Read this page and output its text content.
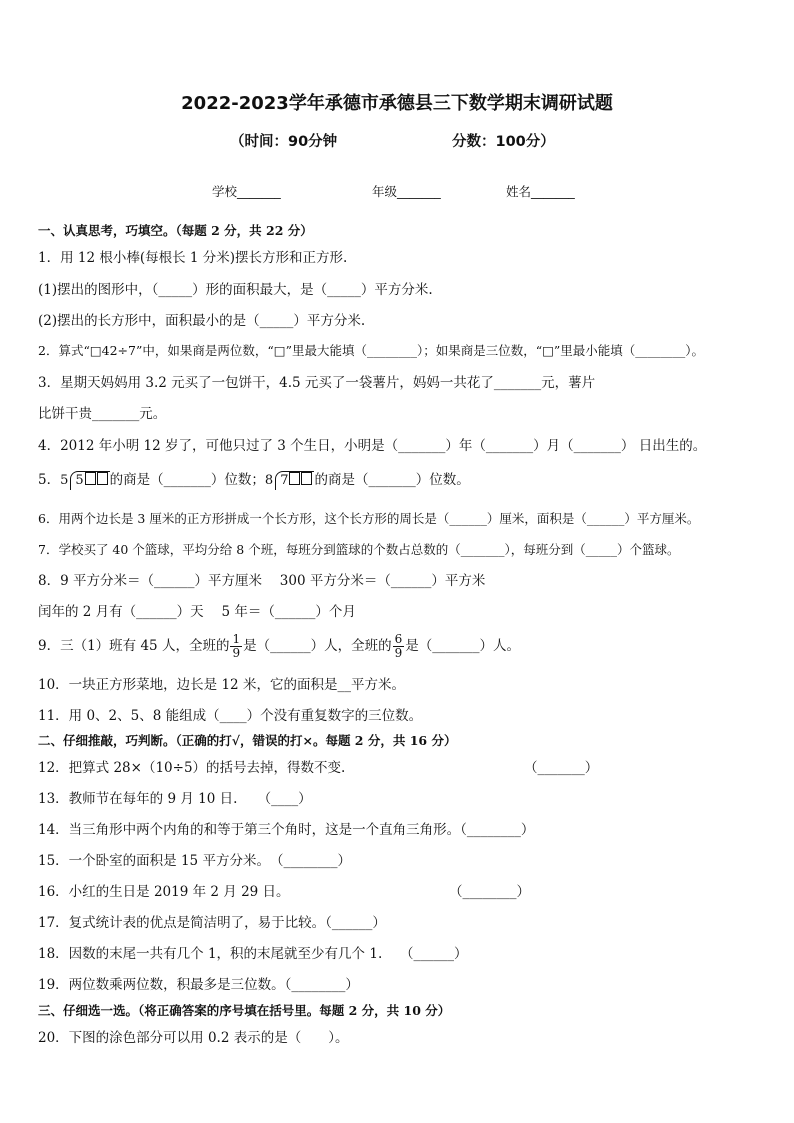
2022-2023学年承德市承德县三下数学期末调研试题
（时间：90分钟	分数：100分）
学校_______	年级_______	姓名_______
一、认真思考，巧填空。（每题 2 分，共 22 分）
1．用 12 根小棒(每根长 1 分米)摆长方形和正方形.
(1)摆出的图形中，（_____）形的面积最大，是（_____）平方分米.
(2)摆出的长方形中，面积最小的是（_____）平方分米.
2．算式“□42÷7”中，如果商是两位数，“□”里最大能填（________）；如果商是三位数，“□”里最小能填（________）。
3．星期天妈妈用 3.2 元买了一包饼干，4.5 元买了一袋薯片，妈妈一共花了_______元，薯片
比饼干贵_______元。
4．2012 年小明 12 岁了，可他只过了 3 个生日，小明是（_______）年（_______）月（_______） 日出生的。
5．5 5 的商是（_______）位数；8 7 的商是（_______）位数。
6．用两个边长是 3 厘米的正方形拼成一个长方形，这个长方形的周长是（______）厘米，面积是（______）平方厘米。
7．学校买了 40 个篮球，平均分给 8 个班，每班分到篮球的个数占总数的（_______），每班分到（_____）个篮球。
8．9 平方分米＝（______）平方厘米　 300 平方分米＝（______）平方米
闰年的 2 月有（______）天　 5 年＝（______）个月
9．三（1）班有 45 人，全班的 $\frac{1}{9}$ 是（______）人，全班的 $\frac{6}{9}$ 是（_______）人。
10．一块正方形菜地，边长是 12 米，它的面积是__平方米。
11．用 0、2、5、8 能组成（____）个没有重复数字的三位数。
二、仔细推敲，巧判断。（正确的打√，错误的打×。每题 2 分，共 16 分）
12．把算式 28×（10÷5）的括号去掉，得数不变.	（_______）
13．教师节在每年的 9 月 10 日.　　（____）
14．当三角形中两个内角的和等于第三个角时，这是一个直角三角形。（________）
15．一个卧室的面积是 15 平方分米。　（________）
16．小红的生日是 2019 年 2 月 29 日。	（________）
17．复式统计表的优点是简洁明了，易于比较。（______）
18．因数的末尾一共有几个 1，积的末尾就至少有几个 1.　 （______）
19．两位数乘两位数，积最多是三位数。（________）
三、仔细选一选。（将正确答案的序号填在括号里。每题 2 分，共 10 分）
20．下图的涂色部分可以用 0.2 表示的是（　　）。
